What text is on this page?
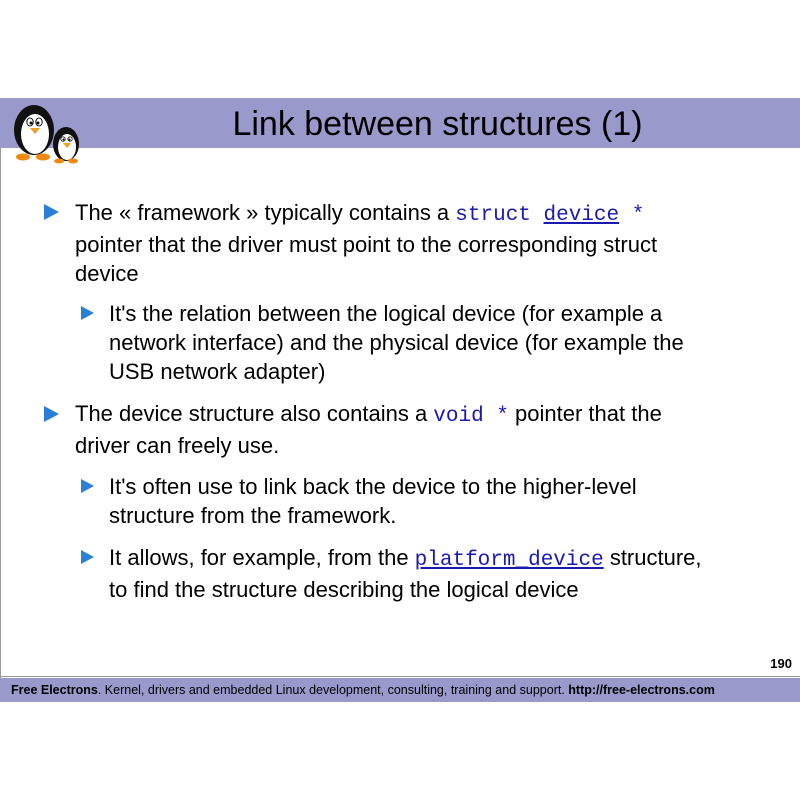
Link between structures (1)
The « framework » typically contains a struct device *
pointer that the driver must point to the corresponding struct
device
It's the relation between the logical device (for example a
network interface) and the physical device (for example the
USB network adapter)
The device structure also contains a void * pointer that the
driver can freely use.
It's often use to link back the device to the higher-level
structure from the framework.
It allows, for example, from the platform_device structure,
to find the structure describing the logical device
190
Free Electrons. Kernel, drivers and embedded Linux development, consulting, training and support. http://free-electrons.com
